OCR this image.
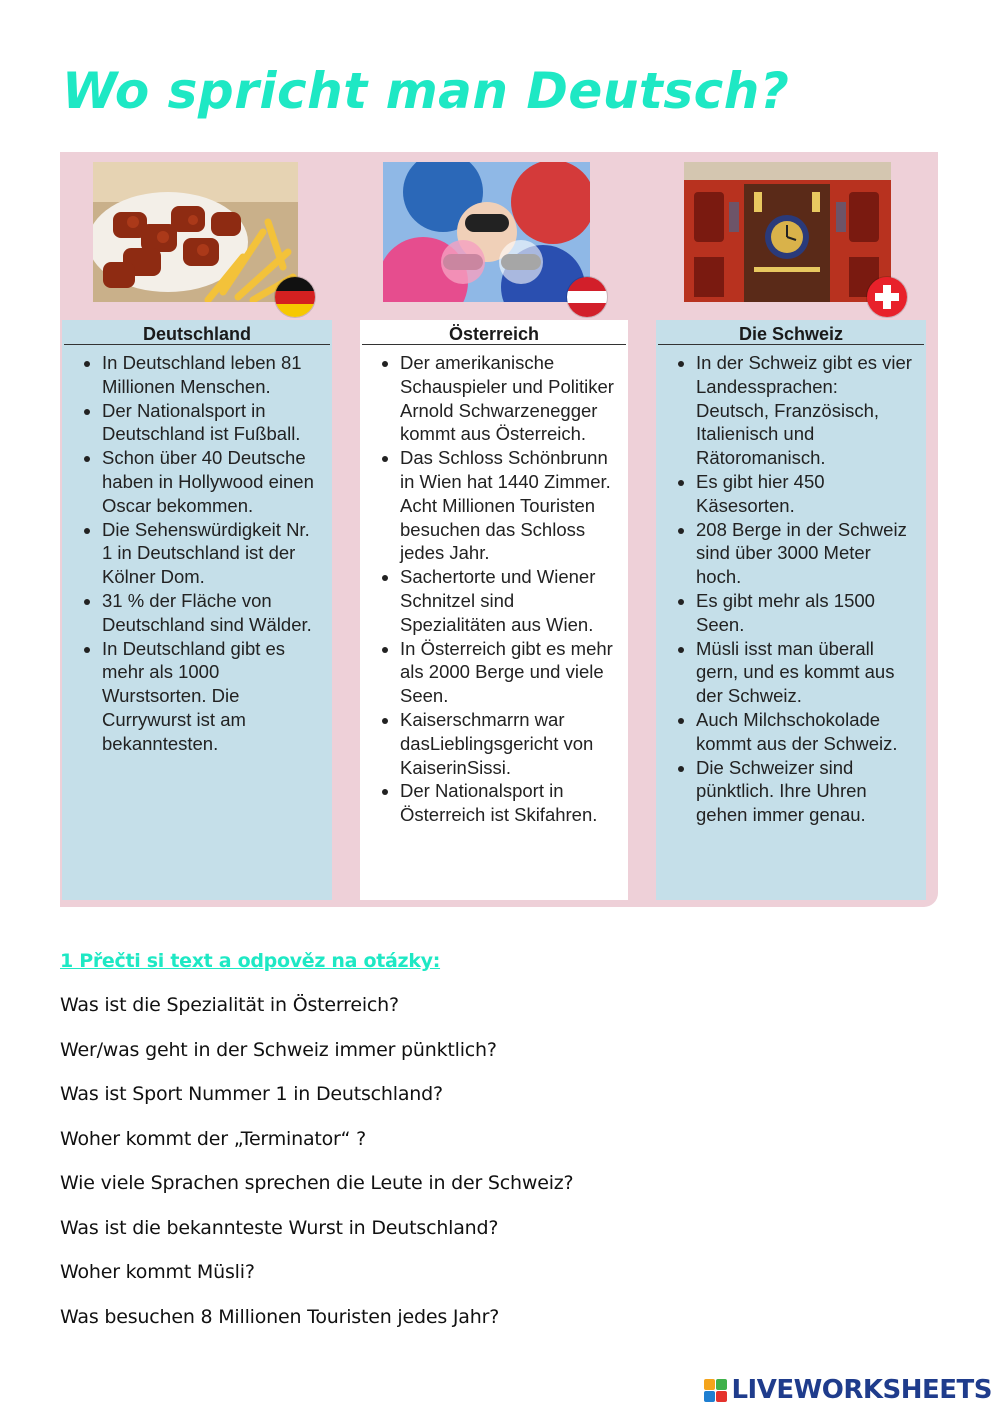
Wo spricht man Deutsch?
Deutschland
• In Deutschland leben 81 Millionen Menschen.
• Der Nationalsport in Deutschland ist Fußball.
• Schon über 40 Deutsche haben in Hollywood einen Oscar bekommen.
• Die Sehenswürdigkeit Nr. 1 in Deutschland ist der Kölner Dom.
• 31 % der Fläche von Deutschland sind Wälder.
• In Deutschland gibt es mehr als 1000 Wurstsorten. Die Currywurst ist am bekanntesten.
Österreich
• Der amerikanische Schauspieler und Politiker Arnold Schwarzenegger kommt aus Österreich.
• Das Schloss Schönbrunn in Wien hat 1440 Zimmer. Acht Millionen Touristen besuchen das Schloss jedes Jahr.
• Sachertorte und Wiener Schnitzel sind Spezialitäten aus Wien.
• In Österreich gibt es mehr als 2000 Berge und viele Seen.
• Kaiserschmarrn war dasLieblingsgericht von KaiserinSissi.
• Der Nationalsport in Österreich ist Skifahren.
Die Schweiz
• In der Schweiz gibt es vier Landessprachen: Deutsch, Französisch, Italienisch und Rätoromanisch.
• Es gibt hier 450 Käsesorten.
• 208 Berge in der Schweiz sind über 3000 Meter hoch.
• Es gibt mehr als 1500 Seen.
• Müsli isst man überall gern, und es kommt aus der Schweiz.
• Auch Milchschokolade kommt aus der Schweiz.
• Die Schweizer sind pünktlich. Ihre Uhren gehen immer genau.
1 Přečti si text a odpověz na otázky:
Was ist die Spezialität in Österreich?
Wer/was geht in der Schweiz immer pünktlich?
Was ist Sport Nummer 1 in Deutschland?
Woher kommt der „Terminator“ ?
Wie viele Sprachen sprechen die Leute in der Schweiz?
Was ist die bekannteste Wurst in Deutschland?
Woher kommt Müsli?
Was besuchen 8 Millionen Touristen jedes Jahr?
LIVEWORKSHEETS
